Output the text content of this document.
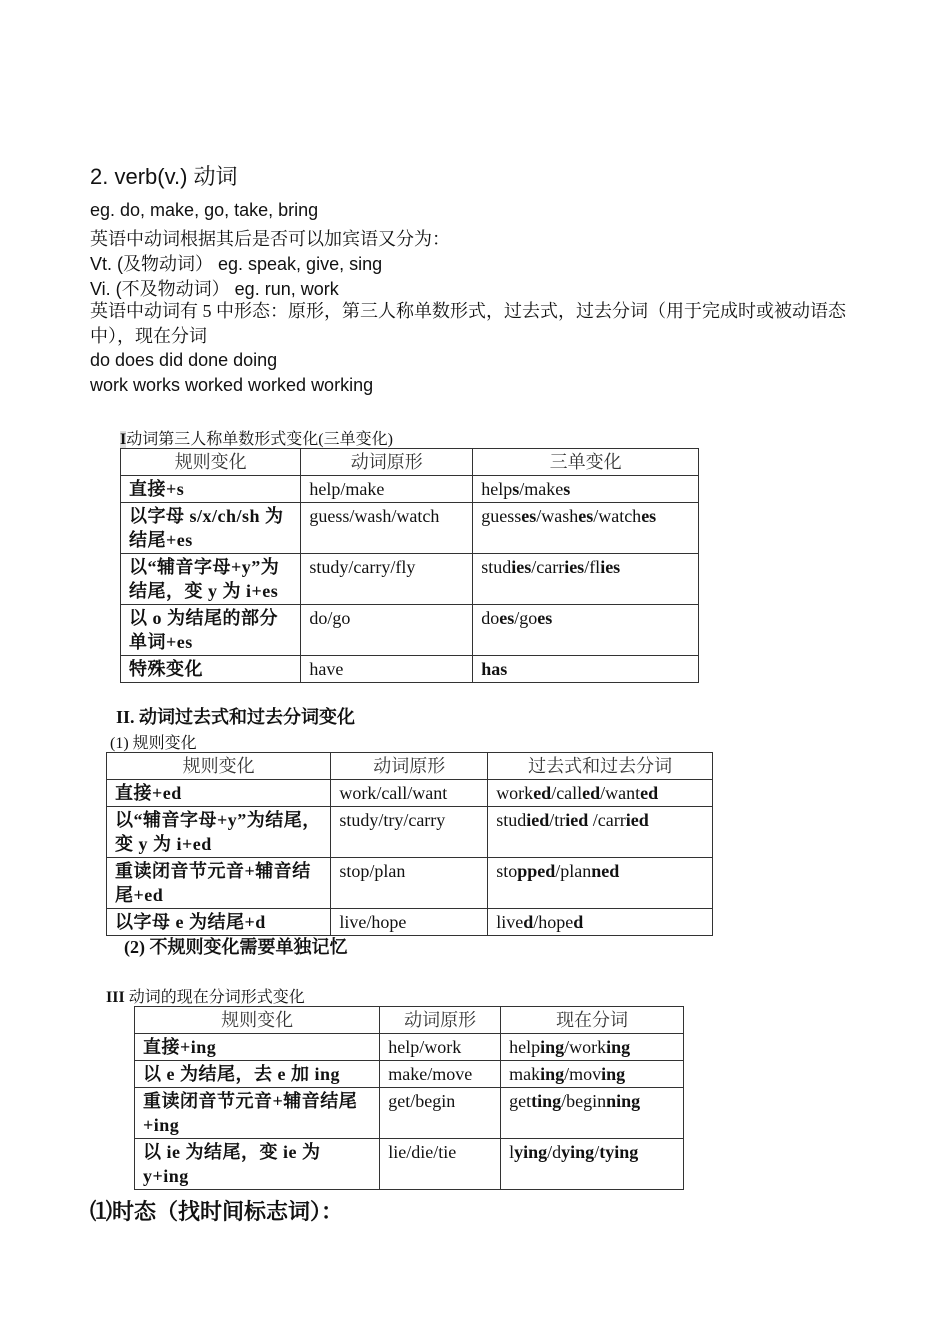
2. verb(v.) 动词
eg. do, make, go, take, bring
英语中动词根据其后是否可以加宾语又分为：
Vt. (及物动词） eg. speak, give, sing
Vi. (不及物动词） eg. run, work
英语中动词有 5 中形态：原形，第三人称单数形式，过去式，过去分词（用于完成时或被动语态中），现在分词
do does did done doing
work works worked worked working
I动词第三人称单数形式变化(三单变化)
规则变化	动词原形	三单变化
直接+s	help/make	helps/makes
以字母 s/x/ch/sh 为结尾+es	guess/wash/watch	guesses/washes/watches
以“辅音字母+y”为结尾，变 y 为 i+es	study/carry/fly	studies/carries/flies
以 o 为结尾的部分单词+es	do/go	does/goes
特殊变化	have	has
II. 动词过去式和过去分词变化
(1) 规则变化
规则变化	动词原形	过去式和过去分词
直接+ed	work/call/want	worked/called/wanted
以“辅音字母+y”为结尾，变 y 为 i+ed	study/try/carry	studied/tried /carried
重读闭音节元音+辅音结尾+ed	stop/plan	stopped/planned
以字母 e 为结尾+d	live/hope	lived/hoped
(2) 不规则变化需要单独记忆
III 动词的现在分词形式变化
规则变化	动词原形	现在分词
直接+ing	help/work	helping/working
以 e 为结尾，去 e 加 ing	make/move	making/moving
重读闭音节元音+辅音结尾+ing	get/begin	getting/beginning
以 ie 为结尾，变 ie 为 y+ing	lie/die/tie	lying/dying/tying
⑴时态（找时间标志词）：
